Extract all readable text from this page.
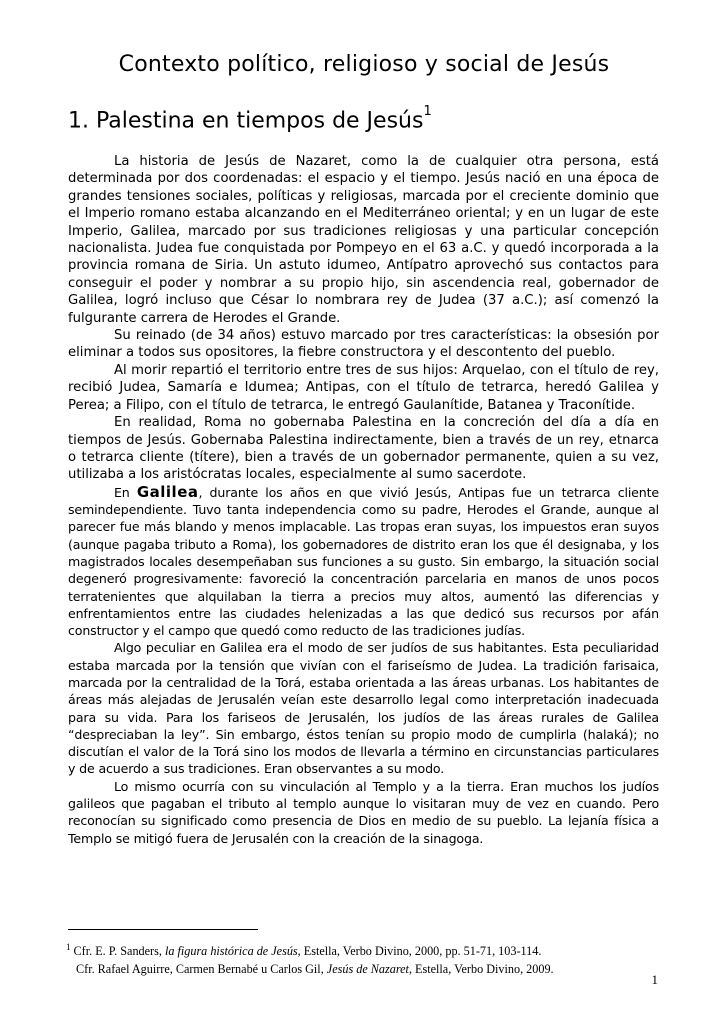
Contexto político, religioso y social de Jesús
1. Palestina en tiempos de Jesús$^1$

La historia de Jesús de Nazaret, como la de cualquier otra persona, está determinada por dos coordenadas: el espacio y el tiempo. Jesús nació en una época de grandes tensiones sociales, políticas y religiosas, marcada por el creciente dominio que el Imperio romano estaba alcanzando en el Mediterráneo oriental; y en un lugar de este Imperio, Galilea, marcado por sus tradiciones religiosas y una particular concepción nacionalista. Judea fue conquistada por Pompeyo en el 63 a.C. y quedó incorporada a la provincia romana de Siria. Un astuto idumeo, Antípatro aprovechó sus contactos para conseguir el poder y nombrar a su propio hijo, sin ascendencia real, gobernador de Galilea, logró incluso que César lo nombrara rey de Judea (37 a.C.); así comenzó la fulgurante carrera de Herodes el Grande.

Su reinado (de 34 años) estuvo marcado por tres características: la obsesión por eliminar a todos sus opositores, la fiebre constructora y el descontento del pueblo.

Al morir repartió el territorio entre tres de sus hijos: Arquelao, con el título de rey, recibió Judea, Samaría e Idumea; Antipas, con el título de tetrarca, heredó Galilea y Perea; a Filipo, con el título de tetrarca, le entregó Gaulanítide, Batanea y Traconítide.

En realidad, Roma no gobernaba Palestina en la concreción del día a día en tiempos de Jesús. Gobernaba Palestina indirectamente, bien a través de un rey, etnarca o tetrarca cliente (títere), bien a través de un gobernador permanente, quien a su vez, utilizaba a los aristócratas locales, especialmente al sumo sacerdote.

En Galilea, durante los años en que vivió Jesús, Antipas fue un tetrarca cliente semindependiente. Tuvo tanta independencia como su padre, Herodes el Grande, aunque al parecer fue más blando y menos implacable. Las tropas eran suyas, los impuestos eran suyos (aunque pagaba tributo a Roma), los gobernadores de distrito eran los que él designaba, y los magistrados locales desempeñaban sus funciones a su gusto. Sin embargo, la situación social degeneró progresivamente: favoreció la concentración parcelaria en manos de unos pocos terratenientes que alquilaban la tierra a precios muy altos, aumentó las diferencias y enfrentamientos entre las ciudades helenizadas a las que dedicó sus recursos por afán constructor y el campo que quedó como reducto de las tradiciones judías.

Algo peculiar en Galilea era el modo de ser judíos de sus habitantes. Esta peculiaridad estaba marcada por la tensión que vivían con el fariseísmo de Judea. La tradición farisaica, marcada por la centralidad de la Torá, estaba orientada a las áreas urbanas. Los habitantes de áreas más alejadas de Jerusalén veían este desarrollo legal como interpretación inadecuada para su vida. Para los fariseos de Jerusalén, los judíos de las áreas rurales de Galilea “despreciaban la ley”. Sin embargo, éstos tenían su propio modo de cumplirla (halaká); no discutían el valor de la Torá sino los modos de llevarla a término en circunstancias particulares y de acuerdo a sus tradiciones. Eran observantes a su modo.

Lo mismo ocurría con su vinculación al Templo y a la tierra. Eran muchos los judíos galileos que pagaban el tributo al templo aunque lo visitaran muy de vez en cuando. Pero reconocían su significado como presencia de Dios en medio de su pueblo. La lejanía física a Templo se mitigó fuera de Jerusalén con la creación de la sinagoga.

$^1$ Cfr. E. P. Sanders, la figura histórica de Jesús, Estella, Verbo Divino, 2000, pp. 51-71, 103-114.
Cfr. Rafael Aguirre, Carmen Bernabé u Carlos Gil, Jesús de Nazaret, Estella, Verbo Divino, 2009.
1
